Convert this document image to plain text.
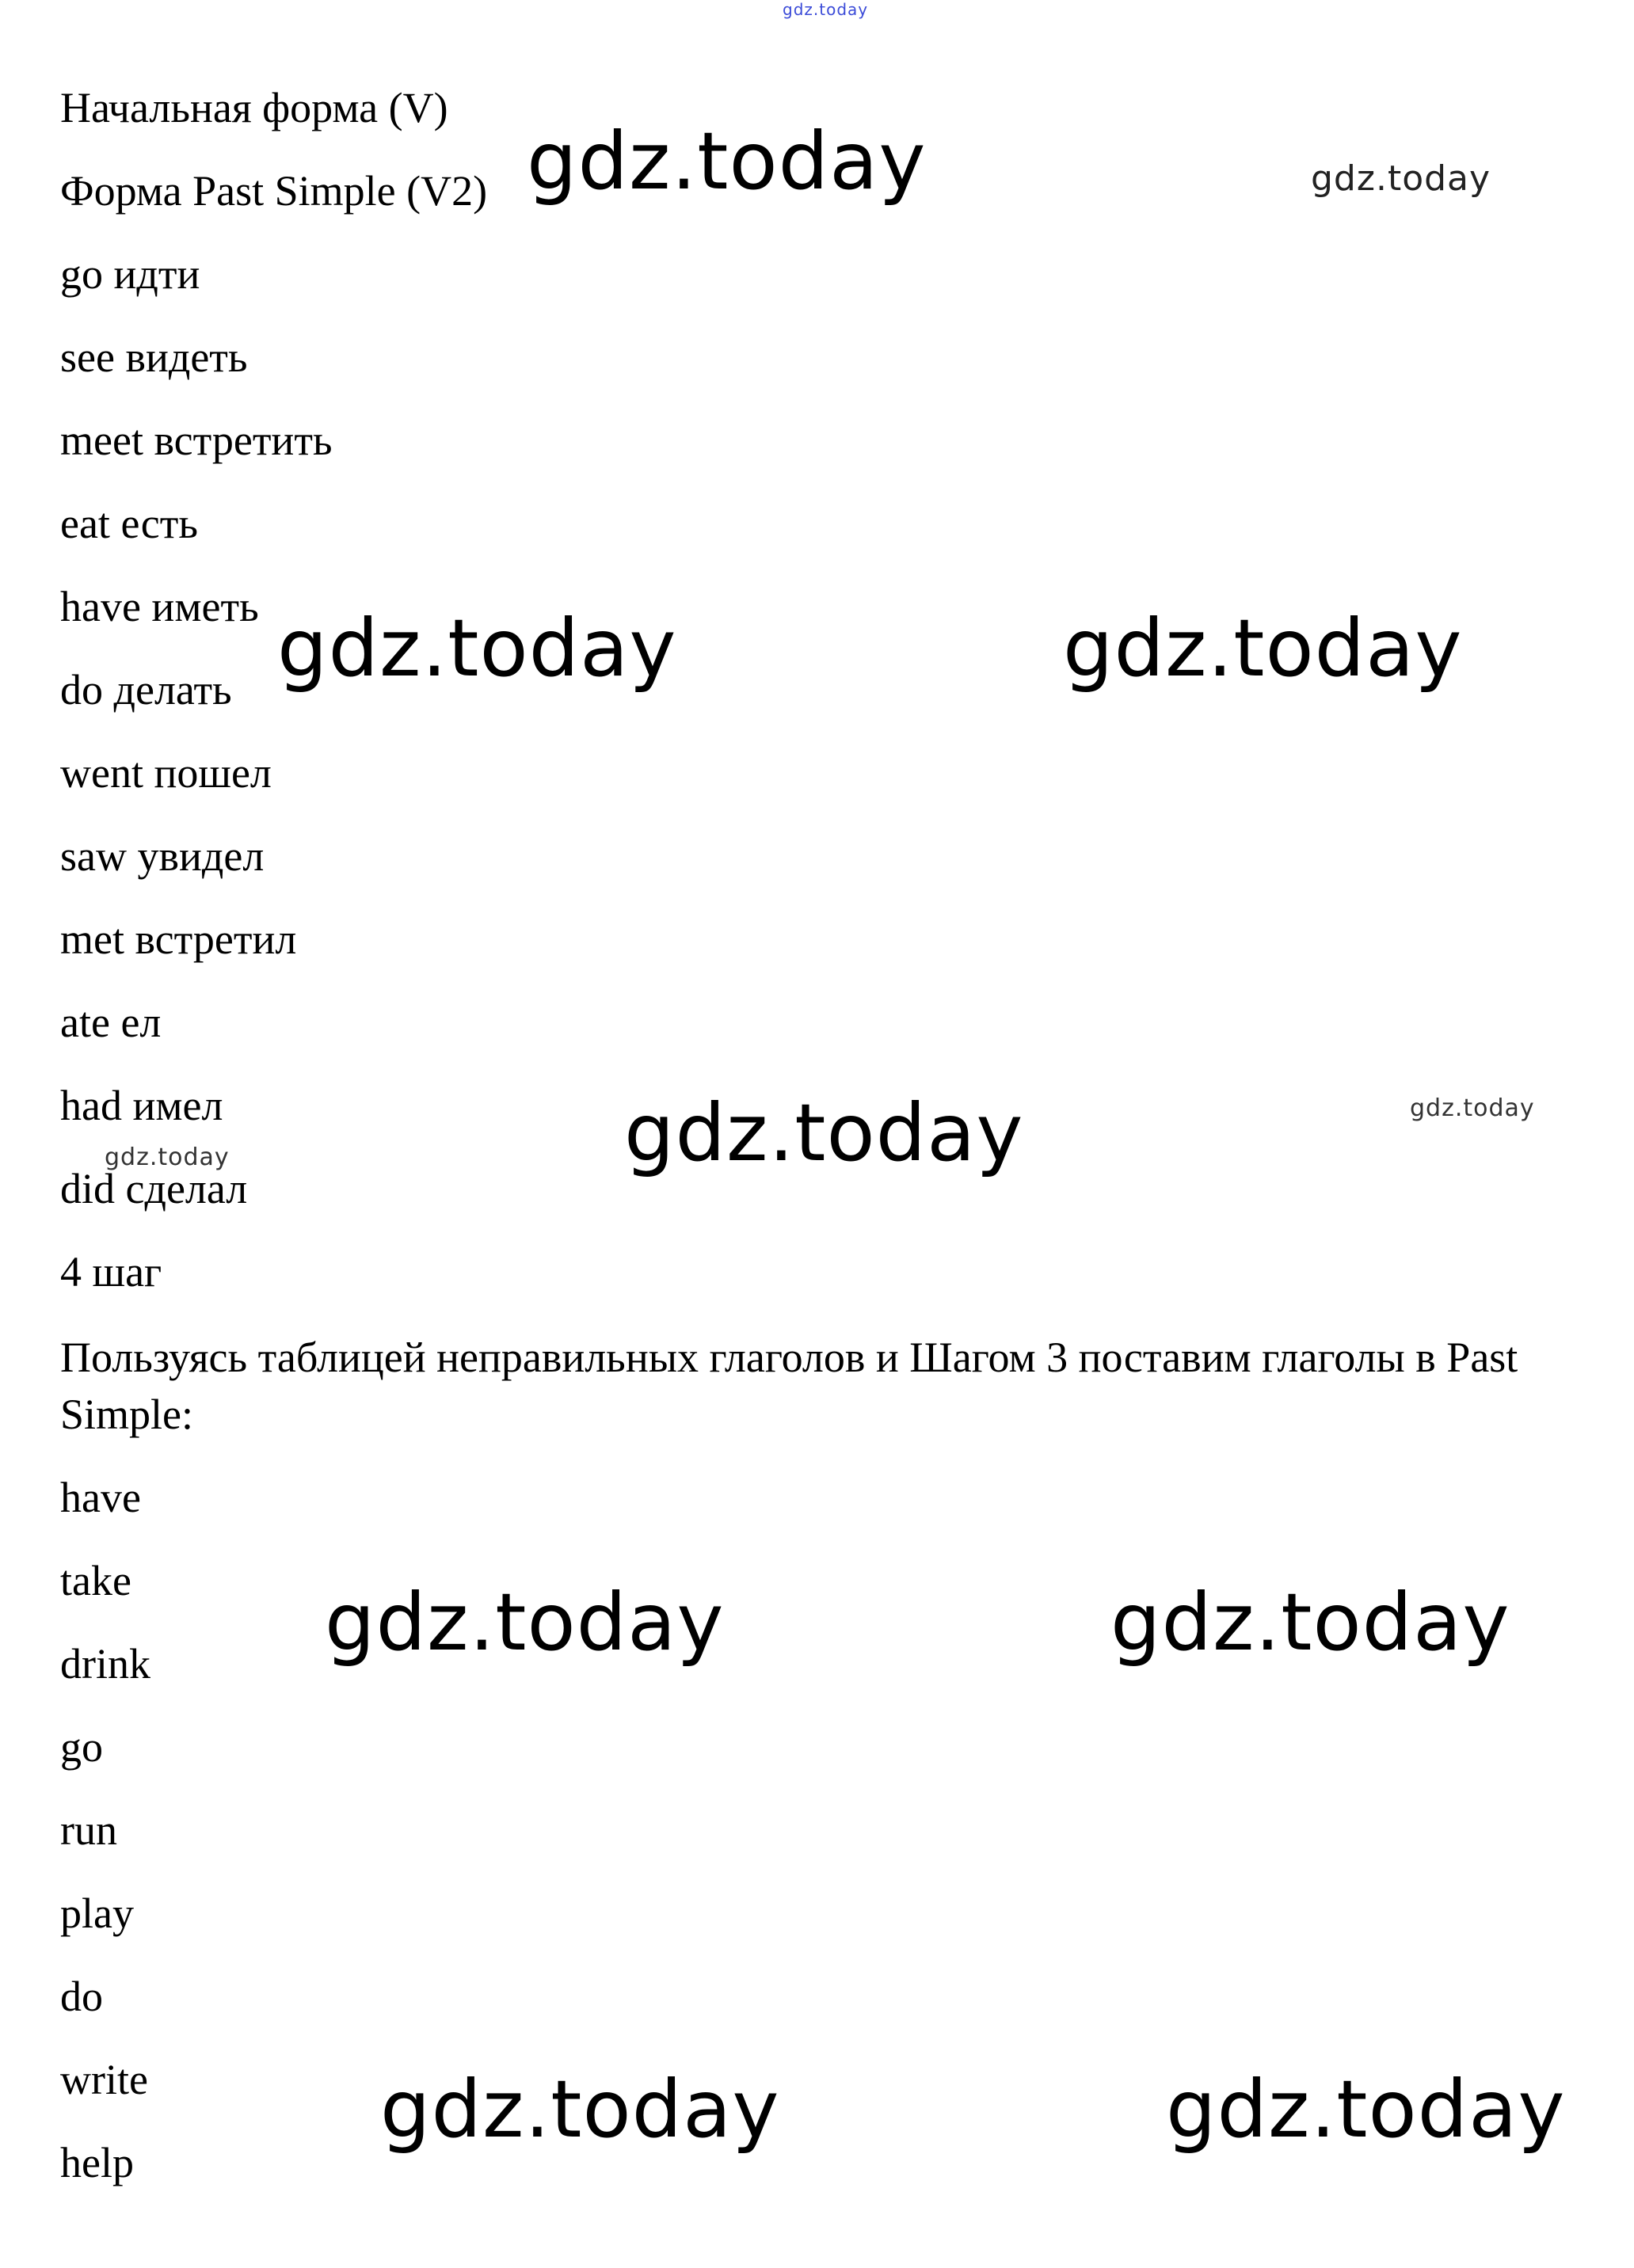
Начальная форма (V)
Форма Past Simple (V2)
go идти
see видеть
meet встретить
eat есть
have иметь
do делать
went пошел
saw увидел
met встретил
ate ел
had имел
did сделал
4 шаг
Пользуясь таблицей неправильных глаголов и Шагом 3 поставим глаголы в Past Simple:
have
take
drink
go
run
play
do
write
help
gdz.today
gdz.today	gdz.today
gdz.today	gdz.today
gdz.today	gdz.today
gdz.today
gdz.today	gdz.today
gdz.today	gdz.today
